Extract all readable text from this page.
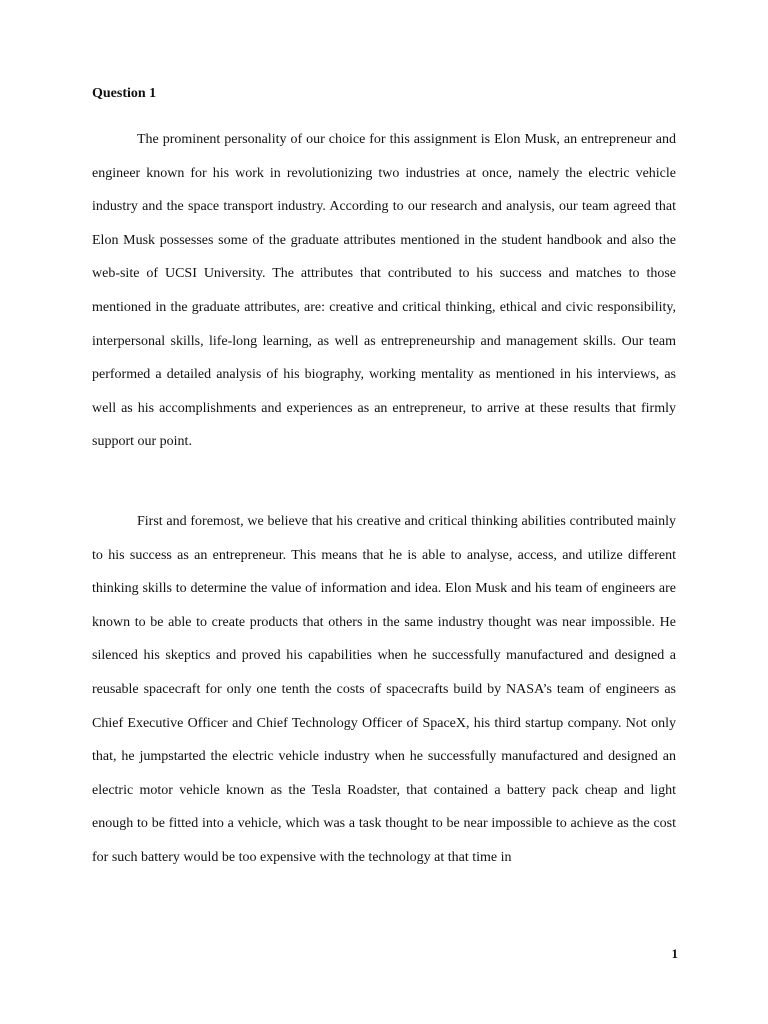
Question 1

The prominent personality of our choice for this assignment is Elon Musk, an entrepreneur and engineer known for his work in revolutionizing two industries at once, namely the electric vehicle industry and the space transport industry. According to our research and analysis, our team agreed that Elon Musk possesses some of the graduate attributes mentioned in the student handbook and also the web-site of UCSI University. The attributes that contributed to his success and matches to those mentioned in the graduate attributes, are: creative and critical thinking, ethical and civic responsibility, interpersonal skills, life-long learning, as well as entrepreneurship and management skills. Our team performed a detailed analysis of his biography, working mentality as mentioned in his interviews, as well as his accomplishments and experiences as an entrepreneur, to arrive at these results that firmly support our point.

First and foremost, we believe that his creative and critical thinking abilities contributed mainly to his success as an entrepreneur. This means that he is able to analyse, access, and utilize different thinking skills to determine the value of information and idea. Elon Musk and his team of engineers are known to be able to create products that others in the same industry thought was near impossible. He silenced his skeptics and proved his capabilities when he successfully manufactured and designed a reusable spacecraft for only one tenth the costs of spacecrafts build by NASA’s team of engineers as Chief Executive Officer and Chief Technology Officer of SpaceX, his third startup company. Not only that, he jumpstarted the electric vehicle industry when he successfully manufactured and designed an electric motor vehicle known as the Tesla Roadster, that contained a battery pack cheap and light enough to be fitted into a vehicle, which was a task thought to be near impossible to achieve as the cost for such battery would be too expensive with the technology at that time in

1
